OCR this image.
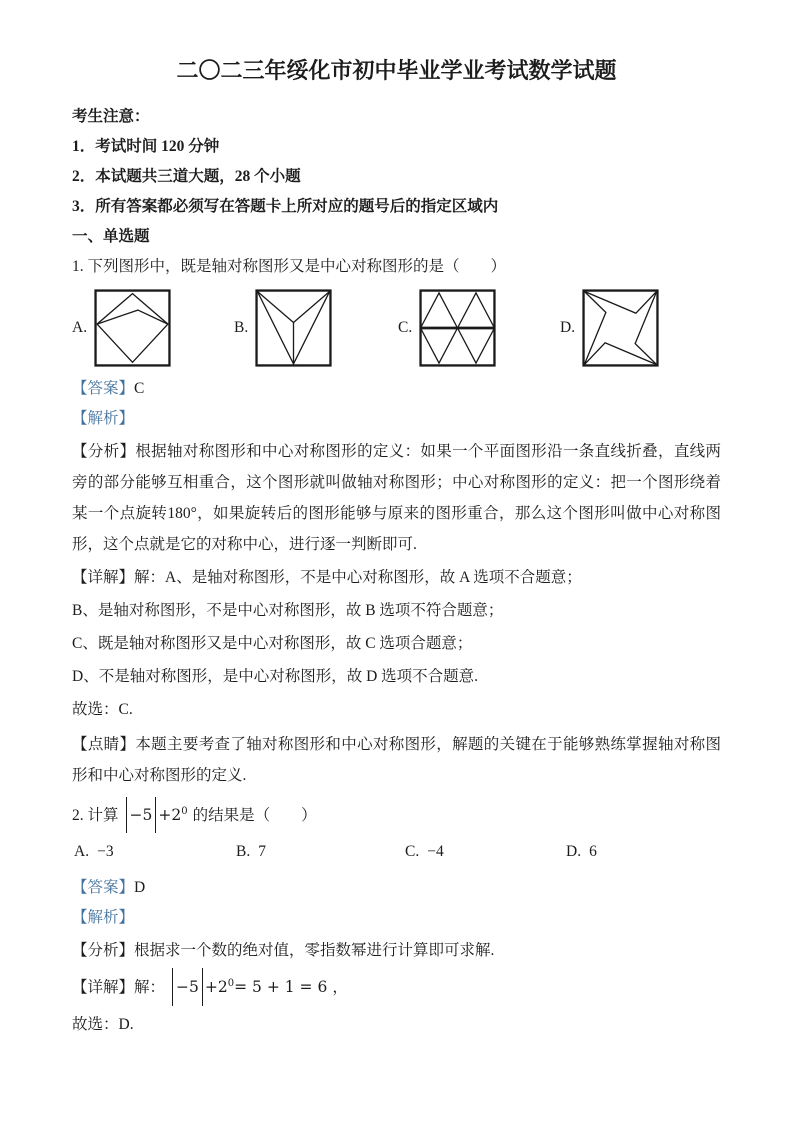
二〇二三年绥化市初中毕业学业考试数学试题
考生注意：
1．考试时间 120 分钟
2．本试题共三道大题，28 个小题
3．所有答案都必须写在答题卡上所对应的题号后的指定区域内
一、单选题
1. 下列图形中，既是轴对称图形又是中心对称图形的是（　　）
A.	B.	C.	D.
【答案】C
【解析】
【分析】根据轴对称图形和中心对称图形的定义：如果一个平面图形沿一条直线折叠，直线两旁的部分能够互相重合，这个图形就叫做轴对称图形；中心对称图形的定义：把一个图形绕着某一个点旋转180°，如果旋转后的图形能够与原来的图形重合，那么这个图形叫做中心对称图形，这个点就是它的对称中心，进行逐一判断即可.
【详解】解：A、是轴对称图形，不是中心对称图形，故 A 选项不合题意；
B、是轴对称图形，不是中心对称图形，故 B 选项不符合题意；
C、既是轴对称图形又是中心对称图形，故 C 选项合题意；
D、不是轴对称图形，是中心对称图形，故 D 选项不合题意.
故选：C.
【点睛】本题主要考查了轴对称图形和中心对称图形，解题的关键在于能够熟练掌握轴对称图形和中心对称图形的定义.
2. 计算 $-5 +2^0$ 的结果是（　　）
A. −3	B. 7	C. −4	D. 6
【答案】D
【解析】
【分析】根据求一个数的绝对值，零指数幂进行计算即可求解.
【详解】解： $-5 +2^0= 5 + 1 = 6$ ，
故选：D.
